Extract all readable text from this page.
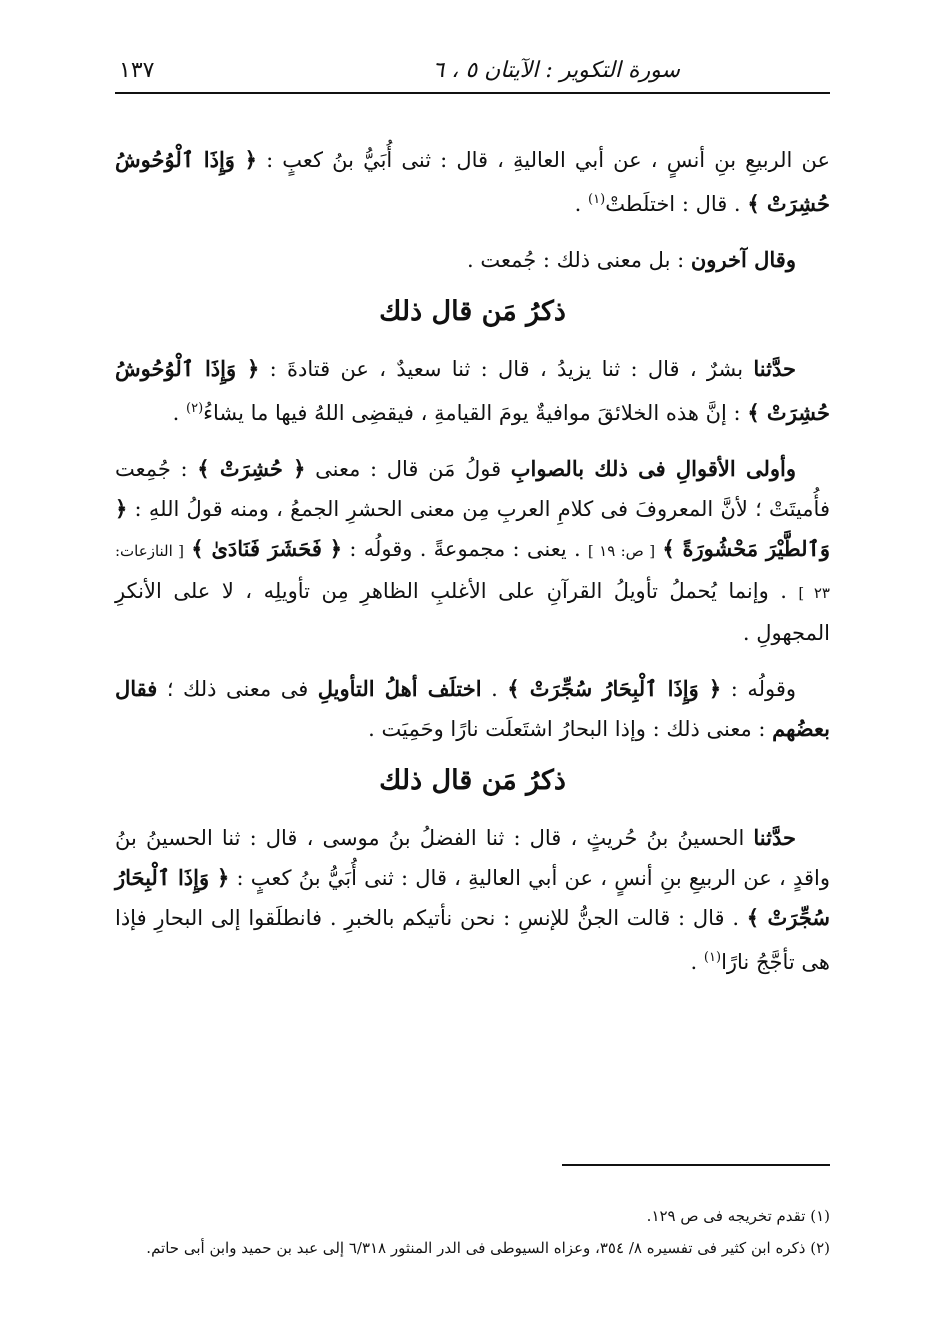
سورة التكوير : الآيتان ٥ ، ٦
١٣٧

عن الربيعِ بنِ أنسٍ ، عن أبي العاليةِ ، قال : ثنى أُبَيُّ بنُ كعبٍ : ﴿ وَإِذَا ٱلْوُحُوشُ حُشِرَتْ ﴾ . قال : اختلَطتْ$^{(١)}$ .

وقال آخرون : بل معنى ذلك : جُمعت .

ذكرُ مَن قال ذلك

حدَّثنا بشرٌ ، قال : ثنا يزيدُ ، قال : ثنا سعيدٌ ، عن قتادةَ : ﴿ وَإِذَا ٱلْوُحُوشُ حُشِرَتْ ﴾ : إنَّ هذه الخلائقَ موافيةٌ يومَ القيامةِ ، فيقضِى اللهُ فيها ما يشاءُ$^{(٢)}$ .

وأولى الأقوالِ فى ذلك بالصوابِ قولُ مَن قال : معنى ﴿ حُشِرَتْ ﴾ : جُمِعت فأُميتَتْ ؛ لأنَّ المعروفَ فى كلامِ العربِ مِن معنى الحشرِ الجمعُ ، ومنه قولُ اللهِ : ﴿ وَٱلطَّيْرَ مَحْشُورَةً ﴾ [ ص: ١٩ ] . يعنى : مجموعةً . وقولُه : ﴿ فَحَشَرَ فَنَادَىٰ ﴾ [ النازعات: ٢٣ ] . وإنما يُحملُ تأويلُ القرآنِ على الأغلبِ الظاهرِ مِن تأويلِه ، لا على الأنكرِ المجهولِ .

وقولُه : ﴿ وَإِذَا ٱلْبِحَارُ سُجِّرَتْ ﴾ . اختلَف أهلُ التأويلِ فى معنى ذلك ؛ فقال بعضُهم : معنى ذلك : وإذا البحارُ اشتَعلَت نارًا وحَمِيَت .

ذكرُ مَن قال ذلك

حدَّثنا الحسينُ بنُ حُريثٍ ، قال : ثنا الفضلُ بنُ موسى ، قال : ثنا الحسينُ بنُ واقدٍ ، عن الربيعِ بنِ أنسٍ ، عن أبي العاليةِ ، قال : ثنى أُبَيُّ بنُ كعبٍ : ﴿ وَإِذَا ٱلْبِحَارُ سُجِّرَتْ ﴾ . قال : قالت الجنُّ للإنسِ : نحن نأتيكم بالخبرِ . فانطلَقوا إلى البحارِ فإذا هى تأجَّجُ نارًا$^{(١)}$ .

(١) تقدم تخريجه فى ص ١٢٩.

(٢) ذكره ابن كثير فى تفسيره ٨/ ٣٥٤، وعزاه السيوطى فى الدر المنثور ٦/٣١٨ إلى عبد بن حميد وابن أبى حاتم.
